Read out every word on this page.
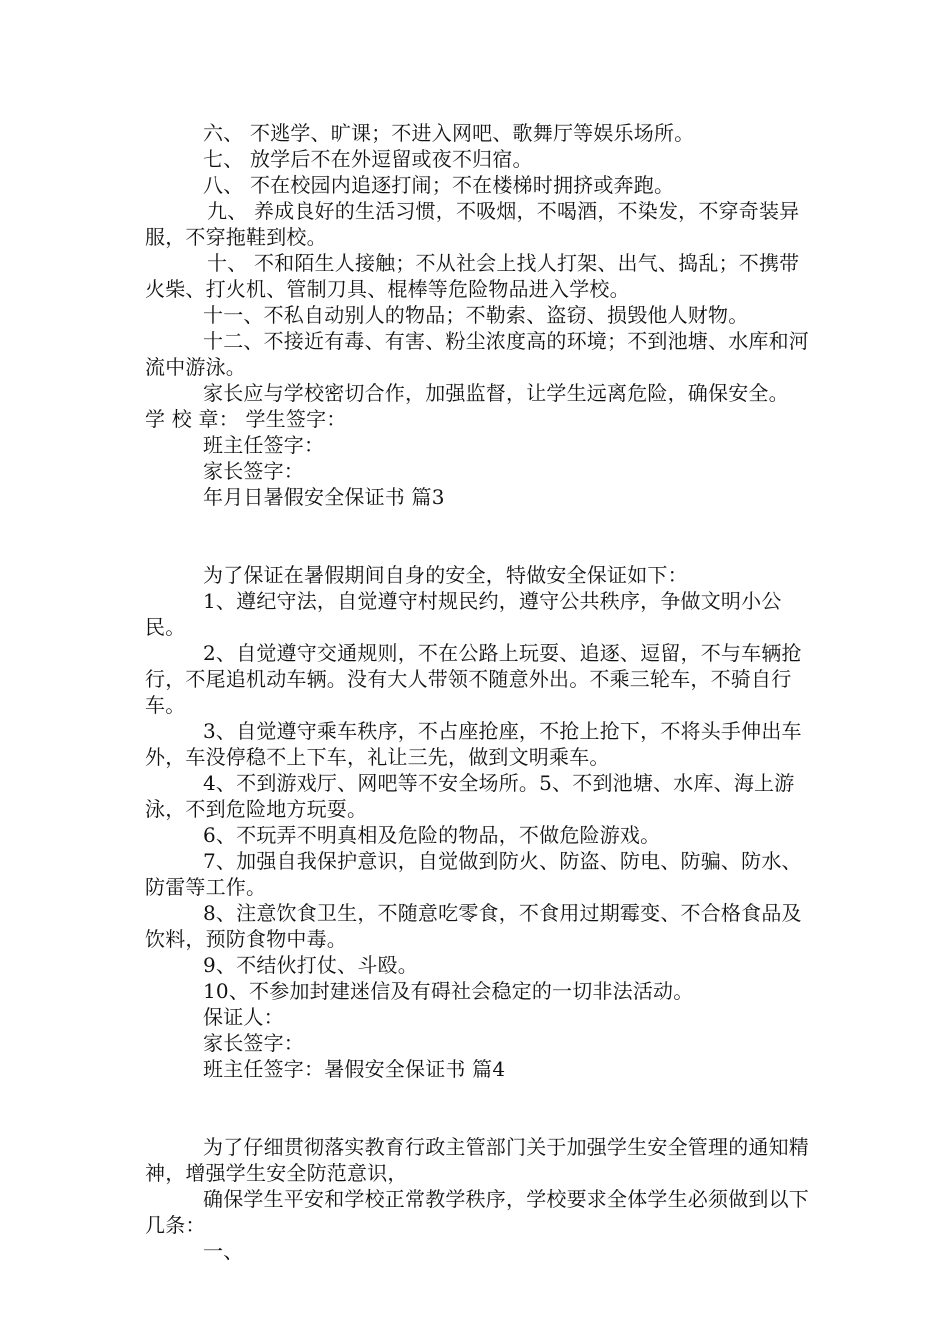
六、 不逃学、旷课；不进入网吧、歌舞厅等娱乐场所。

七、 放学后不在外逗留或夜不归宿。

八、 不在校园内追逐打闹；不在楼梯时拥挤或奔跑。

九、 养成良好的生活习惯，不吸烟，不喝酒，不染发，不穿奇装异服，不穿拖鞋到校。

十、 不和陌生人接触；不从社会上找人打架、出气、捣乱；不携带火柴、打火机、管制刀具、棍棒等危险物品进入学校。

十一、不私自动别人的物品；不勒索、盗窃、损毁他人财物。

十二、不接近有毒、有害、粉尘浓度高的环境；不到池塘、水库和河流中游泳。

家长应与学校密切合作，加强监督，让学生远离危险，确保安全。 学 校 章： 学生签字：

班主任签字：

家长签字：

年月日暑假安全保证书 篇3

为了保证在暑假期间自身的安全，特做安全保证如下：

1、遵纪守法，自觉遵守村规民约，遵守公共秩序，争做文明小公民。

2、自觉遵守交通规则，不在公路上玩耍、追逐、逗留，不与车辆抢行，不尾追机动车辆。没有大人带领不随意外出。不乘三轮车，不骑自行车。

3、自觉遵守乘车秩序，不占座抢座，不抢上抢下，不将头手伸出车外，车没停稳不上下车，礼让三先，做到文明乘车。

4、不到游戏厅、网吧等不安全场所。5、不到池塘、水库、海上游泳，不到危险地方玩耍。

6、不玩弄不明真相及危险的物品，不做危险游戏。

7、加强自我保护意识，自觉做到防火、防盗、防电、防骗、防水、防雷等工作。

8、注意饮食卫生，不随意吃零食，不食用过期霉变、不合格食品及饮料，预防食物中毒。

9、不结伙打仗、斗殴。

10、不参加封建迷信及有碍社会稳定的一切非法活动。

保证人：

家长签字：

班主任签字：暑假安全保证书 篇4

为了仔细贯彻落实教育行政主管部门关于加强学生安全管理的通知精神，增强学生安全防范意识，

确保学生平安和学校正常教学秩序，学校要求全体学生必须做到以下几条：

一、
